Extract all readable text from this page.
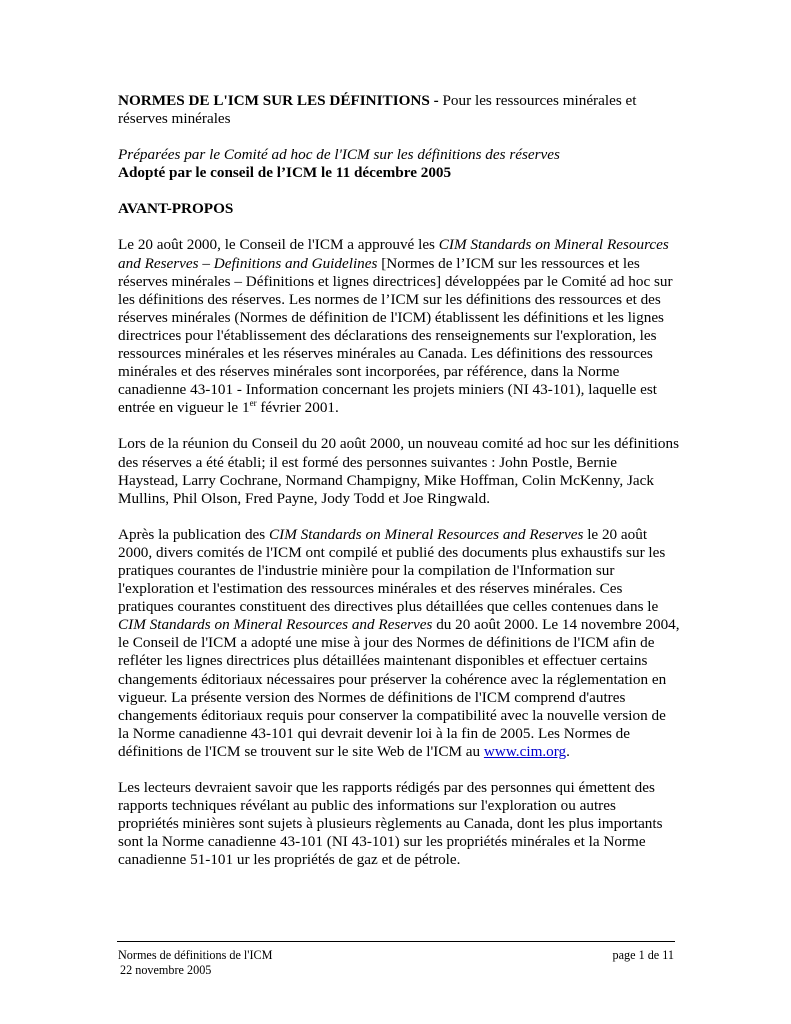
NORMES DE L'ICM SUR LES DÉFINITIONS - Pour les ressources minérales et réserves minérales

Préparées par le Comité ad hoc de l'ICM sur les définitions des réserves

Adopté par le conseil de l’ICM le 11 décembre 2005

AVANT-PROPOS

Le 20 août 2000, le Conseil de l'ICM a approuvé les CIM Standards on Mineral Resources and Reserves – Definitions and Guidelines [Normes de l’ICM sur les ressources et les réserves minérales – Définitions et lignes directrices] développées par le Comité ad hoc sur les définitions des réserves. Les normes de l’ICM sur les définitions des ressources et des réserves minérales (Normes de définition de l'ICM) établissent les définitions et les lignes directrices pour l'établissement des déclarations des renseignements sur l'exploration, les ressources minérales et les réserves minérales au Canada. Les définitions des ressources minérales et des réserves minérales sont incorporées, par référence, dans la Norme canadienne 43-101 - Information concernant les projets miniers (NI 43-101), laquelle est entrée en vigueur le 1er février 2001.

Lors de la réunion du Conseil du 20 août 2000, un nouveau comité ad hoc sur les définitions des réserves a été établi; il est formé des personnes suivantes : John Postle, Bernie Haystead, Larry Cochrane, Normand Champigny, Mike Hoffman, Colin McKenny, Jack Mullins, Phil Olson, Fred Payne, Jody Todd et Joe Ringwald.

Après la publication des CIM Standards on Mineral Resources and Reserves le 20 août 2000, divers comités de l'ICM ont compilé et publié des documents plus exhaustifs sur les pratiques courantes de l'industrie minière pour la compilation de l'Information sur l'exploration et l'estimation des ressources minérales et des réserves minérales. Ces pratiques courantes constituent des directives plus détaillées que celles contenues dans le CIM Standards on Mineral Resources and Reserves du 20 août 2000. Le 14 novembre 2004, le Conseil de l'ICM a adopté une mise à jour des Normes de définitions de l'ICM afin de refléter les lignes directrices plus détaillées maintenant disponibles et effectuer certains changements éditoriaux nécessaires pour préserver la cohérence avec la réglementation en vigueur. La présente version des Normes de définitions de l'ICM comprend d'autres changements éditoriaux requis pour conserver la compatibilité avec la nouvelle version de la Norme canadienne 43-101 qui devrait devenir loi à la fin de 2005. Les Normes de définitions de l'ICM se trouvent sur le site Web de l'ICM au www.cim.org.

Les lecteurs devraient savoir que les rapports rédigés par des personnes qui émettent des rapports techniques révélant au public des informations sur l'exploration ou autres propriétés minières sont sujets à plusieurs règlements au Canada, dont les plus importants sont la Norme canadienne 43-101 (NI 43-101) sur les propriétés minérales et la Norme canadienne 51-101 ur les propriétés de gaz et de pétrole.

Normes de définitions de l'ICM	page 1 de 11
22 novembre 2005
